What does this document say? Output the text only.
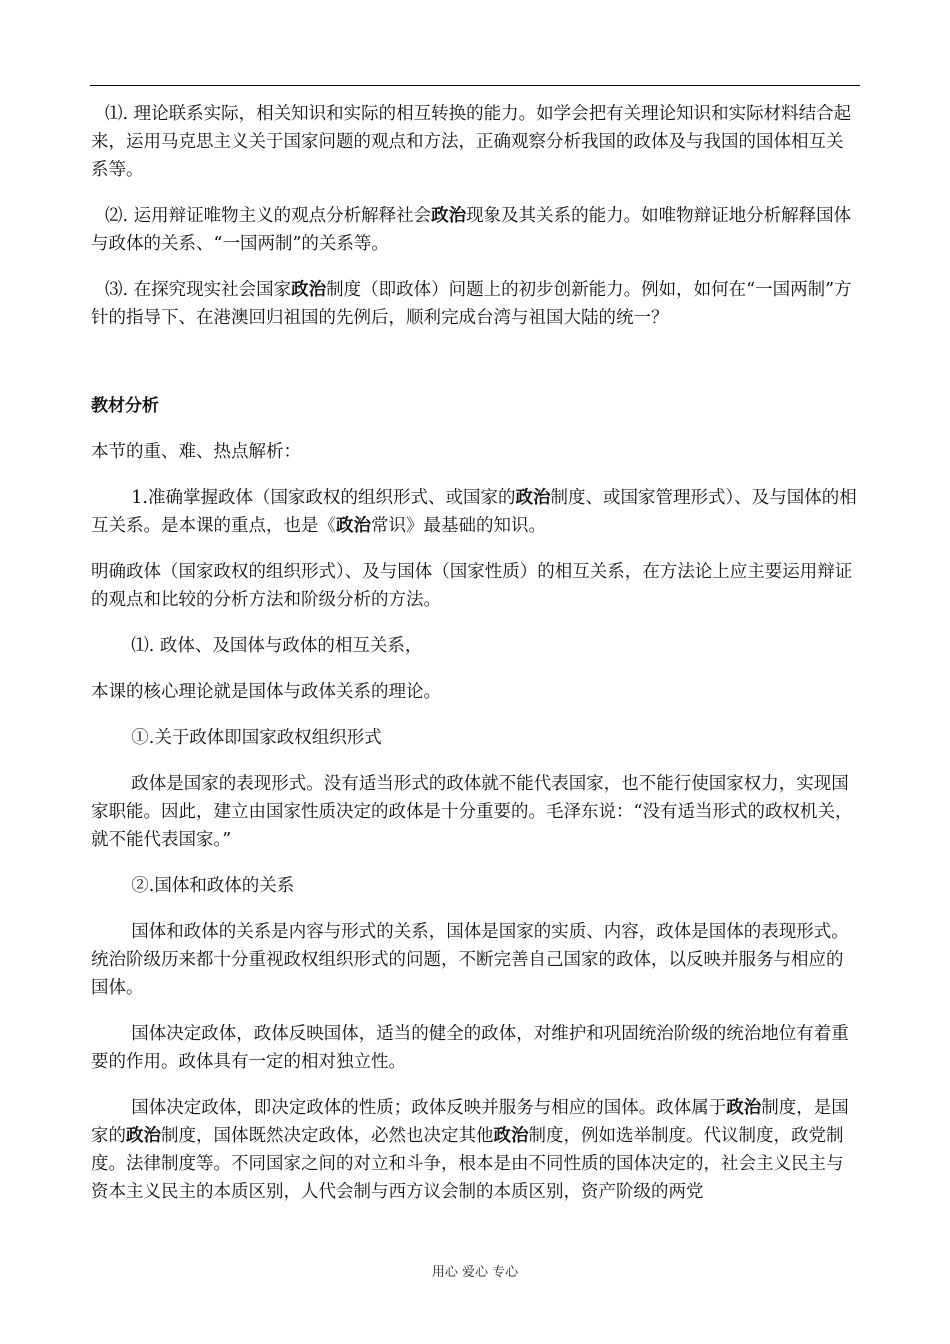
⑴. 理论联系实际，相关知识和实际的相互转换的能力。如学会把有关理论知识和实际材料结合起来，运用马克思主义关于国家问题的观点和方法，正确观察分析我国的政体及与我国的国体相互关系等。

⑵. 运用辩证唯物主义的观点分析解释社会政治现象及其关系的能力。如唯物辩证地分析解释国体与政体的关系、“一国两制”的关系等。

⑶. 在探究现实社会国家政治制度（即政体）问题上的初步创新能力。例如，如何在“一国两制”方针的指导下、在港澳回归祖国的先例后，顺利完成台湾与祖国大陆的统一？

教材分析

本节的重、难、热点解析：

1.准确掌握政体（国家政权的组织形式、或国家的政治制度、或国家管理形式）、及与国体的相互关系。是本课的重点，也是《政治常识》最基础的知识。

明确政体（国家政权的组织形式）、及与国体（国家性质）的相互关系，在方法论上应主要运用辩证的观点和比较的分析方法和阶级分析的方法。

⑴. 政体、及国体与政体的相互关系，

本课的核心理论就是国体与政体关系的理论。

①.关于政体即国家政权组织形式

政体是国家的表现形式。没有适当形式的政体就不能代表国家，也不能行使国家权力，实现国家职能。因此，建立由国家性质决定的政体是十分重要的。毛泽东说：“没有适当形式的政权机关，就不能代表国家。”

②.国体和政体的关系

国体和政体的关系是内容与形式的关系，国体是国家的实质、内容，政体是国体的表现形式。统治阶级历来都十分重视政权组织形式的问题，不断完善自己国家的政体，以反映并服务与相应的国体。

国体决定政体，政体反映国体，适当的健全的政体，对维护和巩固统治阶级的统治地位有着重要的作用。政体具有一定的相对独立性。

国体决定政体，即决定政体的性质；政体反映并服务与相应的国体。政体属于政治制度，是国家的政治制度，国体既然决定政体，必然也决定其他政治制度，例如选举制度。代议制度，政党制度。法律制度等。不同国家之间的对立和斗争，根本是由不同性质的国体决定的，社会主义民主与资本主义民主的本质区别，人代会制与西方议会制的本质区别，资产阶级的两党

用心 爱心 专心
